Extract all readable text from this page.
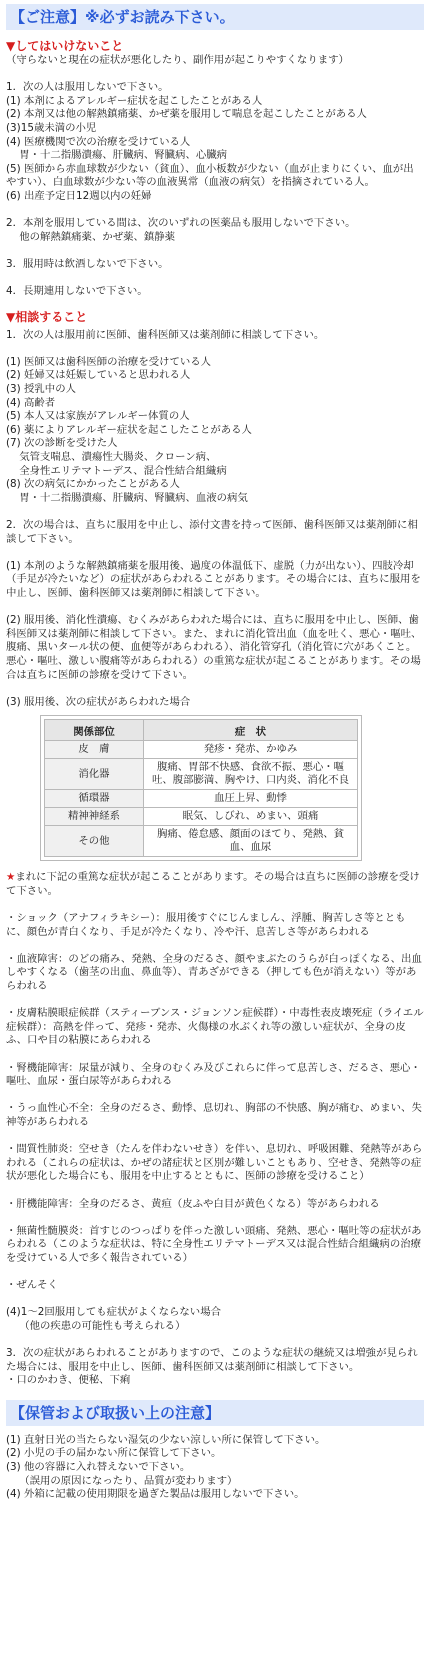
【ご注意】※必ずお読み下さい。

▼してはいけないこと

（守らないと現在の症状が悪化したり、副作用が起こりやすくなります）

1．次の人は服用しないで下さい。
(1) 本剤によるアレルギー症状を起こしたことがある人
(2) 本剤又は他の解熱鎮痛薬、かぜ薬を服用して喘息を起こしたことがある人
(3)15歳未満の小児
(4) 医療機関で次の治療を受けている人
胃・十二指腸潰瘍、肝臓病、腎臓病、心臓病
(5) 医師から赤血球数が少ない（貧血）、血小板数が少ない（血が止まりにくい、血が出やすい）、白血球数が少ない等の血液異常（血液の病気）を指摘されている人。
(6) 出産予定日12週以内の妊婦

2．本剤を服用している間は、次のいずれの医薬品も服用しないで下さい。
他の解熱鎮痛薬、かぜ薬、鎮静薬

3．服用時は飲酒しないで下さい。

4．長期連用しないで下さい。

▼相談すること

1．次の人は服用前に医師、歯科医師又は薬剤師に相談して下さい。

(1) 医師又は歯科医師の治療を受けている人
(2) 妊婦又は妊娠していると思われる人
(3) 授乳中の人
(4) 高齢者
(5) 本人又は家族がアレルギー体質の人
(6) 薬によりアレルギー症状を起こしたことがある人
(7) 次の診断を受けた人
気管支喘息、潰瘍性大腸炎、クローン病、
全身性エリテマトーデス、混合性結合組織病
(8) 次の病気にかかったことがある人
胃・十二指腸潰瘍、肝臓病、腎臓病、血液の病気

2．次の場合は、直ちに服用を中止し、添付文書を持って医師、歯科医師又は薬剤師に相談して下さい。

(1) 本剤のような解熱鎮痛薬を服用後、過度の体温低下、虚脱（力が出ない）、四肢冷却（手足が冷たいなど）の症状があらわれることがあります。その場合には、直ちに服用を中止し、医師、歯科医師又は薬剤師に相談して下さい。

(2) 服用後、消化性潰瘍、むくみがあらわれた場合には、直ちに服用を中止し、医師、歯科医師又は薬剤師に相談して下さい。また、まれに消化管出血（血を吐く、悪心・嘔吐、腹痛、黒いタール状の便、血便等があらわれる）、消化管穿孔（消化管に穴があくこと。悪心・嘔吐、激しい腹痛等があらわれる）の重篤な症状が起こることがあります。その場合は直ちに医師の診療を受けて下さい。

(3) 服用後、次の症状があらわれた場合

関係部位	症　状
皮　膚	発疹・発赤、かゆみ
消化器	腹痛、胃部不快感、食欲不振、悪心・嘔吐、腹部膨満、胸やけ、口内炎、消化不良
循環器	血圧上昇、動悸
精神神経系	眠気、しびれ、めまい、頭痛
その他	胸痛、倦怠感、顔面のほてり、発熱、貧血、血尿

★まれに下記の重篤な症状が起こることがあります。その場合は直ちに医師の診療を受けて下さい。

・ショック（アナフィラキシー）：服用後すぐにじんましん、浮腫、胸苦しさ等とともに、顔色が青白くなり、手足が冷たくなり、冷や汗、息苦しさ等があらわれる

・血液障害：のどの痛み、発熱、全身のだるさ、顔やまぶたのうらが白っぽくなる、出血しやすくなる（歯茎の出血、鼻血等）、青あざができる（押しても色が消えない）等があらわれる

・皮膚粘膜眼症候群（スティーブンス・ジョンソン症候群）・中毒性表皮壊死症（ライエル症候群）：高熱を伴って、発疹・発赤、火傷様の水ぶくれ等の激しい症状が、全身の皮ふ、口や目の粘膜にあらわれる

・腎機能障害：尿量が減り、全身のむくみ及びこれらに伴って息苦しさ、だるさ、悪心・嘔吐、血尿・蛋白尿等があらわれる

・うっ血性心不全：全身のだるさ、動悸、息切れ、胸部の不快感、胸が痛む、めまい、失神等があらわれる

・間質性肺炎：空せき（たんを伴わないせき）を伴い、息切れ、呼吸困難、発熱等があらわれる（これらの症状は、かぜの諸症状と区別が難しいこともあり、空せき、発熱等の症状が悪化した場合にも、服用を中止するとともに、医師の診療を受けること）

・肝機能障害：全身のだるさ、黄疸（皮ふや白目が黄色くなる）等があらわれる

・無菌性髄膜炎：首すじのつっぱりを伴った激しい頭痛、発熱、悪心・嘔吐等の症状があらわれる（このような症状は、特に全身性エリテマトーデス又は混合性結合組織病の治療を受けている人で多く報告されている）

・ぜんそく

(4)1～2回服用しても症状がよくならない場合
（他の疾患の可能性も考えられる）

3．次の症状があらわれることがありますので、このような症状の継続又は増強が見られた場合には、服用を中止し、医師、歯科医師又は薬剤師に相談して下さい。
・口のかわき、便秘、下痢

【保管および取扱い上の注意】

(1) 直射日光の当たらない湿気の少ない涼しい所に保管して下さい。
(2) 小児の手の届かない所に保管して下さい。
(3) 他の容器に入れ替えないで下さい。
（誤用の原因になったり、品質が変わります）
(4) 外箱に記載の使用期限を過ぎた製品は服用しないで下さい。
